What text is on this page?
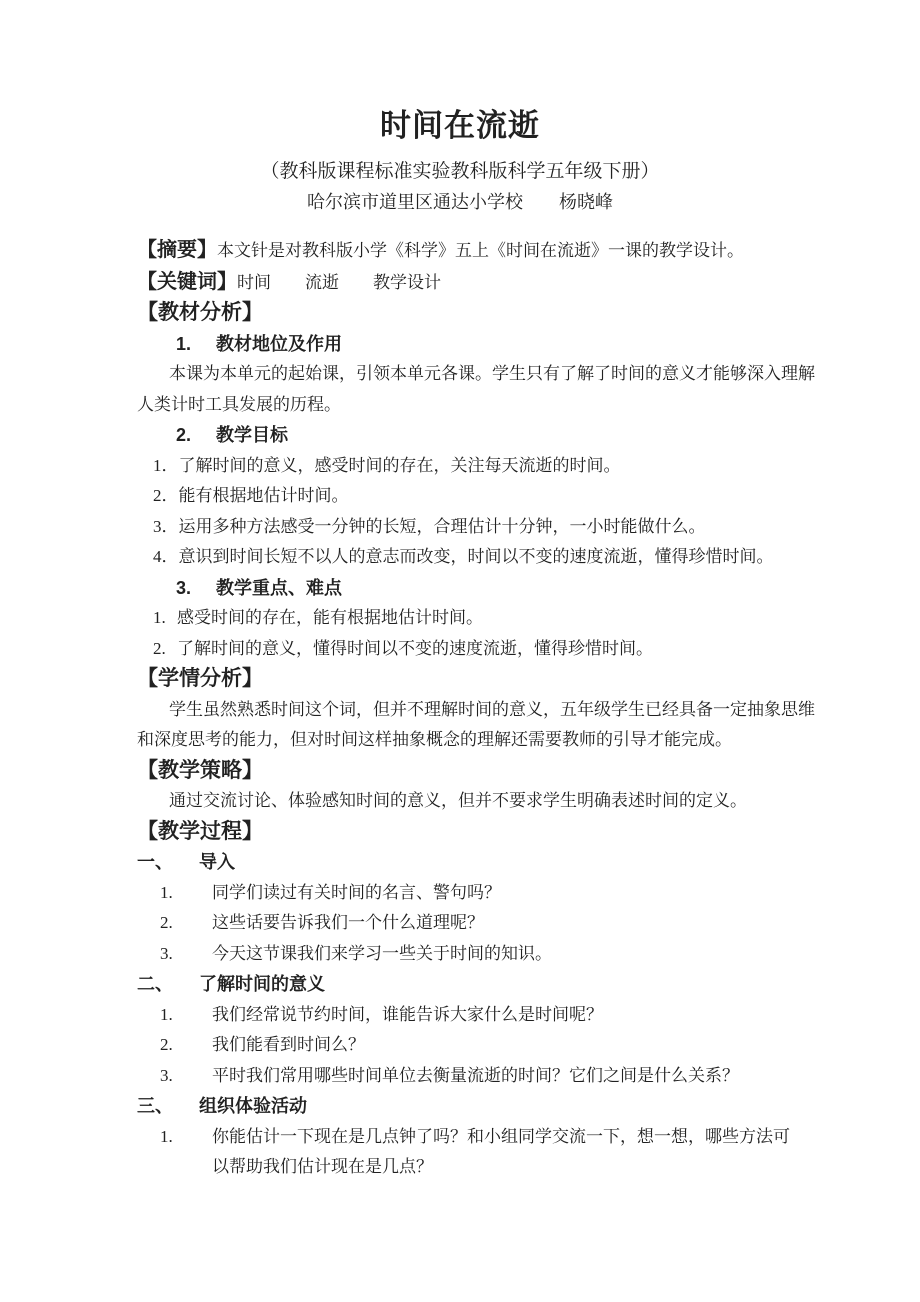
时间在流逝
（教科版课程标准实验教科版科学五年级下册）
哈尔滨市道里区通达小学校　　杨晓峰
【摘要】本文针是对教科版小学《科学》五上《时间在流逝》一课的教学设计。
【关键词】时间　　流逝　　教学设计
【教材分析】
1. 教材地位及作用
本课为本单元的起始课，引领本单元各课。学生只有了解了时间的意义才能够深入理解
人类计时工具发展的历程。
2. 教学目标
1．了解时间的意义，感受时间的存在，关注每天流逝的时间。
2．能有根据地估计时间。
3．运用多种方法感受一分钟的长短，合理估计十分钟，一小时能做什么。
4．意识到时间长短不以人的意志而改变，时间以不变的速度流逝，懂得珍惜时间。
3. 教学重点、难点
1. 感受时间的存在，能有根据地估计时间。
2. 了解时间的意义，懂得时间以不变的速度流逝，懂得珍惜时间。
【学情分析】
学生虽然熟悉时间这个词，但并不理解时间的意义，五年级学生已经具备一定抽象思维
和深度思考的能力，但对时间这样抽象概念的理解还需要教师的引导才能完成。
【教学策略】
通过交流讨论、体验感知时间的意义，但并不要求学生明确表述时间的定义。
【教学过程】
一、 导入
1. 同学们读过有关时间的名言、警句吗？
2. 这些话要告诉我们一个什么道理呢？
3. 今天这节课我们来学习一些关于时间的知识。
二、 了解时间的意义
1. 我们经常说节约时间，谁能告诉大家什么是时间呢？
2. 我们能看到时间么？
3. 平时我们常用哪些时间单位去衡量流逝的时间？它们之间是什么关系？
三、 组织体验活动
1. 你能估计一下现在是几点钟了吗？和小组同学交流一下，想一想，哪些方法可
以帮助我们估计现在是几点？
